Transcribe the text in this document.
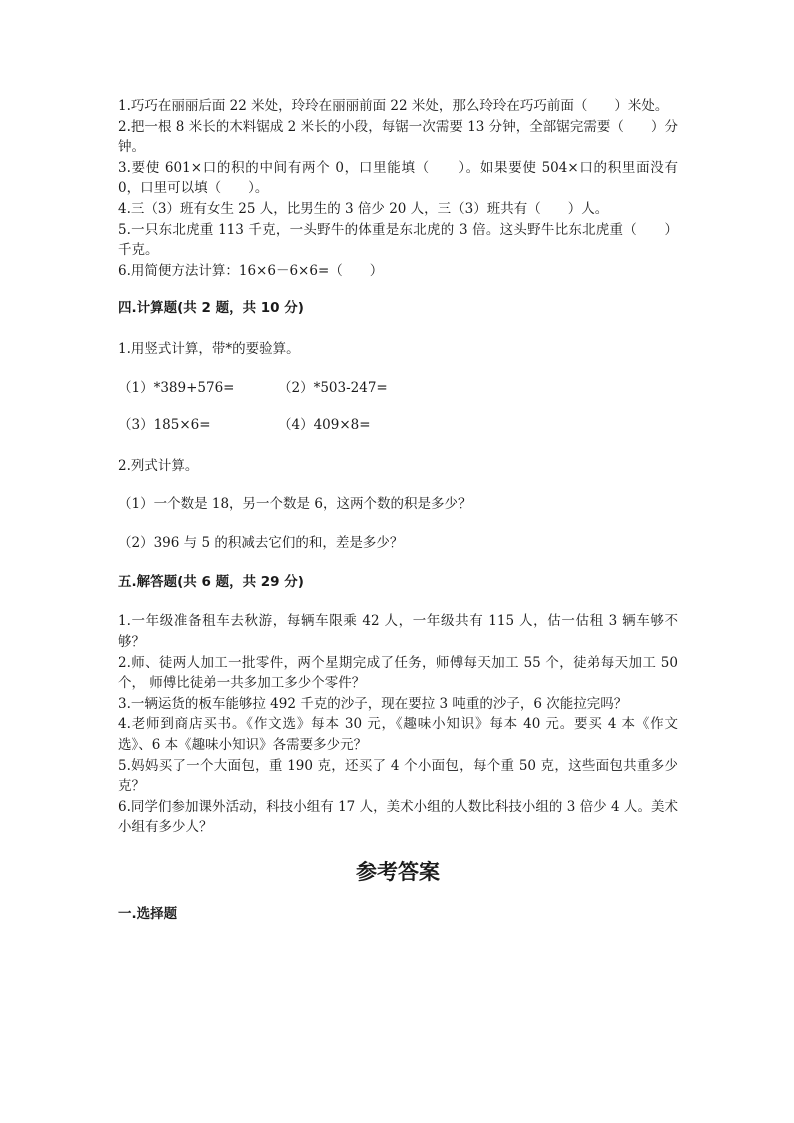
1.巧巧在丽丽后面 22 米处，玲玲在丽丽前面 22 米处，那么玲玲在巧巧前面（　　）米处。

2.把一根 8 米长的木料锯成 2 米长的小段，每锯一次需要 13 分钟，全部锯完需要（　　）分钟。

3.要使 601×口的积的中间有两个 0，口里能填（　　）。如果要使 504×口的积里面没有 0，口里可以填（　　）。

4.三（3）班有女生 25 人，比男生的 3 倍少 20 人，三（3）班共有（　　）人。

5.一只东北虎重 113 千克，一头野牛的体重是东北虎的 3 倍。这头野牛比东北虎重（　　）千克。

6.用简便方法计算：16×6－6×6=（　　）

四.计算题(共 2 题，共 10 分)

1.用竖式计算，带*的要验算。

（1）*389+576=	（2）*503-247=
（3）185×6=	（4）409×8=

2.列式计算。

（1）一个数是 18，另一个数是 6，这两个数的积是多少？

（2）396 与 5 的积减去它们的和，差是多少？

五.解答题(共 6 题，共 29 分)

1.一年级准备租车去秋游，每辆车限乘 42 人，一年级共有 115 人，估一估租 3 辆车够不够？

2.师、徒两人加工一批零件，两个星期完成了任务，师傅每天加工 55 个，徒弟每天加工 50 个， 师傅比徒弟一共多加工多少个零件？

3.一辆运货的板车能够拉 492 千克的沙子，现在要拉 3 吨重的沙子，6 次能拉完吗？

4.老师到商店买书。《作文选》每本 30 元，《趣味小知识》每本 40 元。要买 4 本《作文选》、6 本《趣味小知识》各需要多少元？

5.妈妈买了一个大面包，重 190 克，还买了 4 个小面包，每个重 50 克，这些面包共重多少克？

6.同学们参加课外活动，科技小组有 17 人，美术小组的人数比科技小组的 3 倍少 4 人。美术小组有多少人？

参考答案

一.选择题
